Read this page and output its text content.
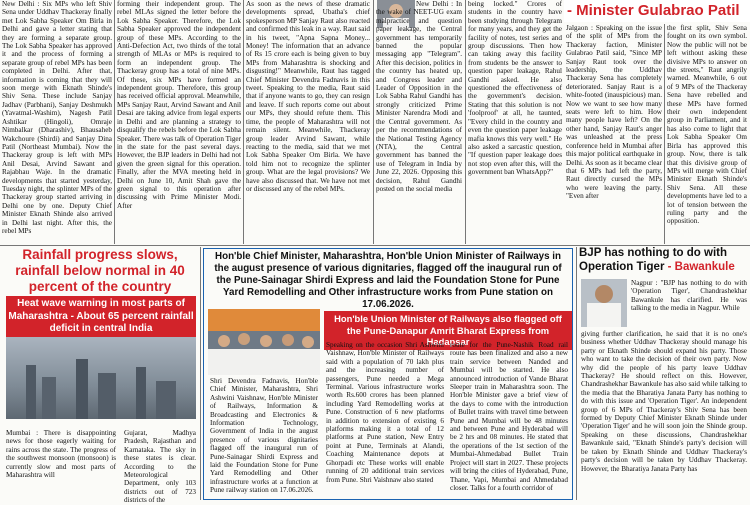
New Delhi : Six MPs who left Shiv Sena under Uddhav Thackeray finally met Lok Sabha Speaker Om Birla in Delhi and gave a letter stating that they are forming a separate group. The Lok Sabha Speaker has approved it and the process of forming a separate group of rebel MPs has been completed in Delhi. After that, information is coming that they will soon merge with Eknath Shinde's Shiv Sena. These include Sanjay Jadhav (Parbhani), Sanjay Deshmukh (Yavatmal-Washim), Nagesh Patil Ashtikar (Hingoli), Omraje Nimbalkar (Dharashiv), Bhausaheb Wakchoure (Shirdi) and Sanjay Dina Patil (Northeast Mumbai). Now the Thackeray group is left with MPs Anil Desai, Arvind Sawant and Rajabhau Waje. In the dramatic developments that started yesterday, Tuesday night, the splinter MPs of the Thackeray group started arriving in Delhi one by one. Deputy Chief Minister Eknath Shinde also arrived in Delhi last night. After this, the rebel MPs

forming their independent group. The rebel MLAs signed the letter before the Lok Sabha Speaker. Therefore, the Lok Sabha Speaker approved the independent group of these MPs. According to the Anti-Defection Act, two thirds of the total strength of MLAs or MPs is required to form an independent group. The Thackeray group has a total of nine MPs. Of these, six MPs have formed an independent group. Therefore, this group has received official approval. Meanwhile, MPs Sanjay Raut, Arvind Sawant and Anil Desai are taking advice from legal experts in Delhi and are planning a strategy to disqualify the rebels before the Lok Sabha Speaker. There was talk of Operation Tiger in the state for the past several days. However, the BJP leaders in Delhi had not given the green signal for this operation. Finally, after the MVA meeting held in Delhi on June 10, Amit Shah gave the green signal to this operation after discussing with Prime Minister Modi. After

As soon as the news of these dramatic developments spread, Ubatha's chief spokesperson MP Sanjay Raut also reacted and confirmed this leak in a way. Raut said in his tweet, "Apna Sapna Money... Money! The information that an advance of Rs 15 crore each is being given to buy MPs from Maharashtra is shocking and disgusting!" Meanwhile, Raut has tagged Chief Minister Devendra Fadnavis in this tweet. Speaking to the media, Raut said that if anyone wants to go, they can resign and leave. If such reports come out about our MPs, they should refute them. This time, the people of Maharashtra will not remain silent. Meanwhile, Thackeray group leader Arvind Sawant, while reacting to the media, said that we met Lok Sabha Speaker Om Birla. We have told him not to recognize the splinter group. What are the legal provisions? We have also discussed that. We have not met or discussed any of the rebel MPs.

New Delhi : In the wake of NEET-UG exam malpractice and question paper leakage, the Central government has temporarily banned the popular messaging app "Telegram". After this decision, politics in the country has heated up, and Congress leader and Leader of Opposition in the Lok Sabha Rahul Gandhi has strongly criticized Prime Minister Narendra Modi and the Central government. As per the recommendations of the National Testing Agency (NTA), the Central government has banned the use of Telegram in India by June 22, 2026. Opposing this decision, Rahul Gandhi posted on the social media

being locked." Crores of students in the country have been studying through Telegram for many years, and they get the facility of notes, test series and group discussions. Then how can taking away this facility from students be the answer to question paper leakage, Rahul Gandhi asked. He also questioned the effectiveness of the government's decision. Stating that this solution is not 'foolproof' at all, he taunted, "Every child in the country and even the question paper leakage mafia knows this very well." He also asked a sarcastic question, "If question paper leakage does not stop even after this, will the government ban WhatsApp?"

- Minister Gulabrao Patil

Jalgaon : Speaking on the issue of the split of MPs from the Thackeray faction, Minister Gulabrao Patil said, "Since MP Sanjay Raut took over the leadership, the Uddhav Thackeray Sena has completely deteriorated. Sanjay Raut is a white-footed (inauspicious) man. Now we want to see how many seats were left to him. How many people have left? On the other hand, Sanjay Raut's anger was unleashed at the press conference held in Mumbai after this major political earthquake in Delhi. As soon as it became clear that 6 MPs had left the party, Raut directly cursed the MPs who were leaving the party. "Even after

the first split, Shiv Sena fought on its own symbol. Now the public will not be left without asking these divisive MPs to answer on the streets," Raut angrily warned. Meanwhile, 6 out of 9 MPs of the Thackeray Sena have rebelled and these MPs have formed their own independent group in Parliament, and it has also come to light that Lok Sabha Speaker Om Birla has approved this group. Now, there is talk that this divisive group of MPs will merge with Chief Minister Eknath Shinde's Shiv Sena. All these developments have led to a lot of tension between the ruling party and the opposition.

Rainfall progress slows, rainfall below normal in 40 percent of the country
Heat wave warning in most parts of Maharashtra - About 65 percent rainfall deficit in central India

Mumbai : There is disappointing news for those eagerly waiting for rains across the state. The progress of the southwest monsoon (monsoon) is currently slow and most parts of Maharashtra will

Gujarat, Madhya Pradesh, Rajasthan and Karnataka. The sky in these states is clear. According to the Meteorological Department, only 103 districts out of 723 districts of the

Hon'ble Chief Minister, Maharashtra, Hon'ble Union Minister of Railways in the august presence of various dignitaries, flagged off the inaugural run of the Pune-Sainagar Shirdi Express and laid the Foundation Stone for Pune Yard Remodelling and Other infrastructure works from Pune station on 17.06.2026.
Hon'ble Union Minister of Railways also flagged off the Pune-Danapur Amrit Bharat Express from Hadapsar

Shri Devendra Fadnavis, Hon'ble Chief Minister, Maharashtra, Shri Ashwini Vaishnaw, Hon'ble Minister of Railways, Information & Broadcasting and Electronics & Information Technology, Government of India in the august presence of various dignitaries flagged off the inaugural run of Pune-Sainagar Shirdi Express and laid the Foundation Stone for Pune Yard Remodelling and Other infrastructure works at a function at Pune railway station on 17.06.2026.

Speaking on the occasion Shri Ashwini Vaishnaw, Hon'ble Minister of Railways said with a population of 70 lakh plus and the increasing number of passengers, Pune needed a Mega Terminal. Various infrastructure works worth Rs.600 crores has been planned including Yard Remodelling works at Pune. Construction of 6 new platforms in addition to extension of existing 6 platforms making it a total of 12 platforms at Pune station, New Entry point at Pune, Terminals at Alandi, Coaching Maintenance depots at Ghorpadi etc These works will enable running of 20 additional train services from Pune. Shri Vaishnaw also stated

route for the Pune-Nashik Road rail route has been finalized and also a new train service between Nanded and Mumbai will be started. He also announced introduction of Vande Bharat Sleeper train in Maharashtra soon. The Hon'ble Minister gave a brief view of the days to come with the introduction of Bullet trains with travel time between Pune and Mumbai will be 48 minutes and between Pune and Hyderabad will be 2 hrs and 08 minutes. He stated that the operations of the 1st section of the Mumbai-Ahmedabad Bullet Train Project will start in 2027. These projects will bring the cities of Hyderabad, Pune, Thane, Vapi, Mumbai and Ahmedabad closer. Talks for a fourth corridor of

BJP has nothing to do with Operation Tiger - Bawankule

Nagpur : "BJP has nothing to do with 'Operation Tiger', Chandrashekhar Bawankule has clarified. He was talking to the media in Nagpur. While

giving further clarification, he said that it is no one's business whether Uddhav Thackeray should manage his party or Eknath Shinde should expand his party. Those who want to take the decision of their own party. Now why did the people of his party leave Uddhav Thackeray? He should reflect on this. However, Chandrashekhar Bawankule has also said while talking to the media that the Bharatiya Janata Party has nothing to do with this issue and 'Operation Tiger'. An independent group of 6 MPs of Thackeray's Shiv Sena has been formed by Deputy Chief Minister Eknath Shinde under 'Operation Tiger' and he will soon join the Shinde group. Speaking on these discussions, Chandrashekhar Bawankule said, "Eknath Shinde's party's decision will be taken by Eknath Shinde and Uddhav Thackeray's party's decision will be taken by Uddhav Thackeray. However, the Bharatiya Janata Party has
